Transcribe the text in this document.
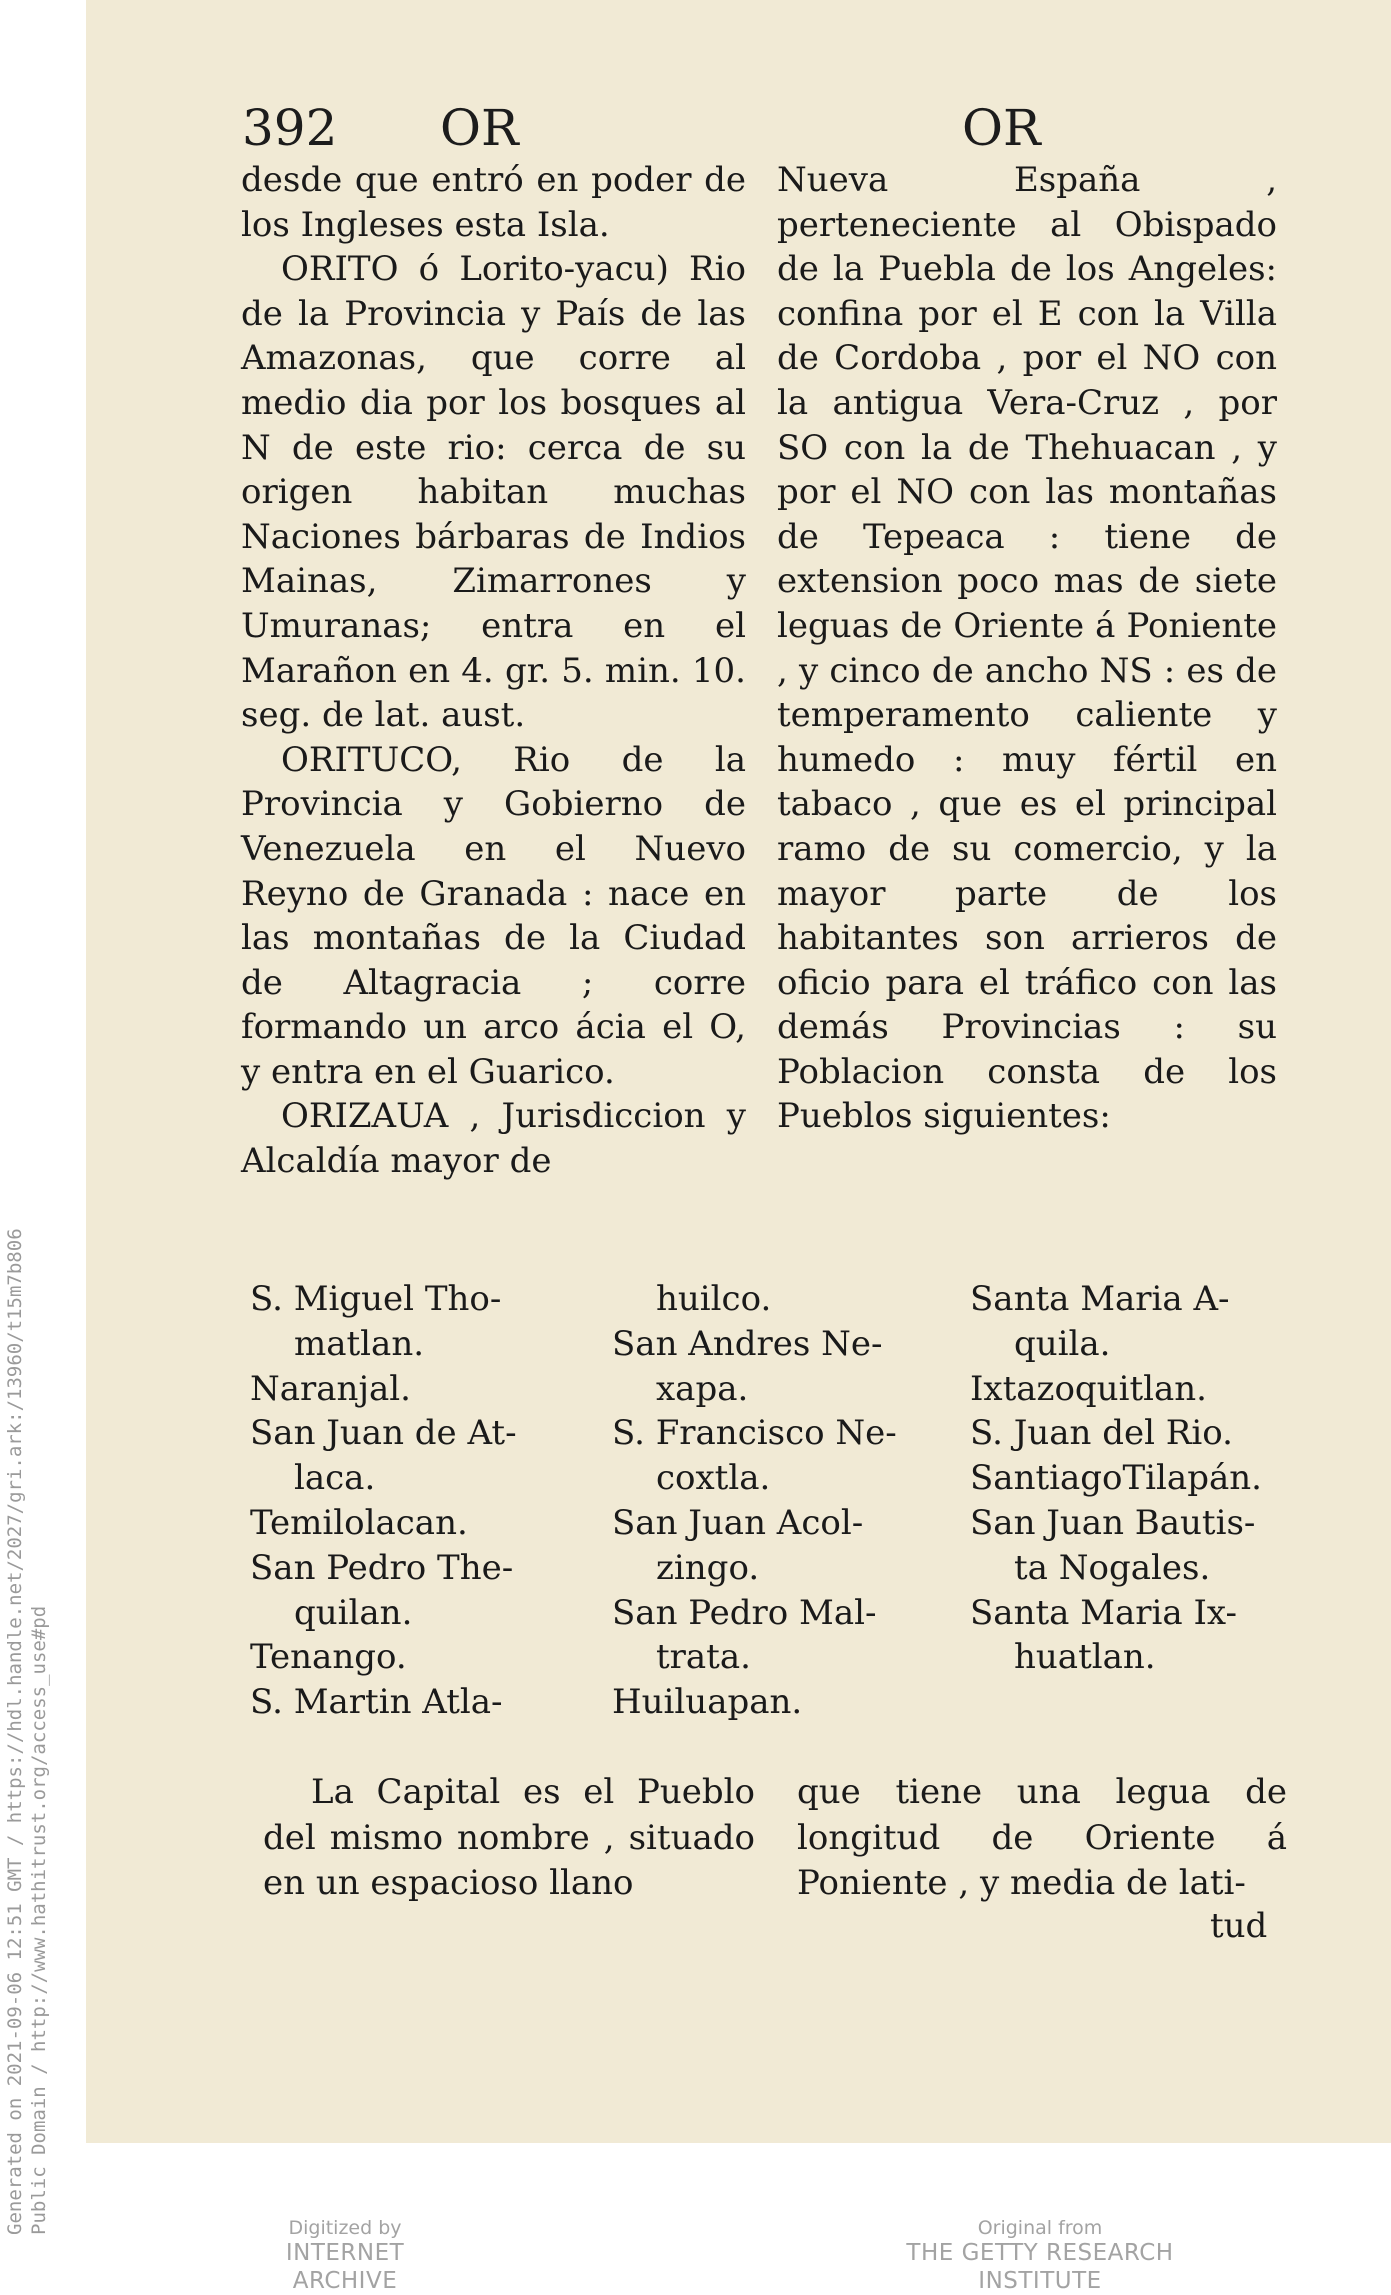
Generated on 2021-09-06 12:51 GMT / https://hdl.handle.net/2027/gri.ark:/13960/t15m7b806 Public Domain / http://www.hathitrust.org/access_use#pd
392 OR	OR

desde que entró en poder de los Ingleses esta Isla.

ORITO ó Lorito-yacu) Rio de la Provincia y País de las Amazonas, que corre al medio dia por los bosques al N de este rio: cerca de su origen habitan muchas Naciones bárbaras de Indios Mainas, Zimarrones y Umuranas; entra en el Marañon en 4. gr. 5. min. 10. seg. de lat. aust.

ORITUCO, Rio de la Provincia y Gobierno de Venezuela en el Nuevo Reyno de Granada : nace en las montañas de la Ciudad de Altagracia ; corre formando un arco ácia el O, y entra en el Guarico.

ORIZAUA , Jurisdiccion y Alcaldía mayor de

Nueva España , perteneciente al Obispado de la Puebla de los Angeles: confina por el E con la Villa de Cordoba , por el NO con la antigua Vera-Cruz , por SO con la de Thehuacan , y por el NO con las montañas de Tepeaca : tiene de extension poco mas de siete leguas de Oriente á Poniente , y cinco de ancho NS : es de temperamento caliente y humedo : muy fértil en tabaco , que es el principal ramo de su comercio, y la mayor parte de los habitantes son arrieros de oficio para el tráfico con las demás Provincias : su Poblacion consta de los Pueblos siguientes:

S. Miguel Tho-
matlan.
Naranjal.
San Juan de At-
laca.
Temilolacan.
San Pedro The-
quilan.
Tenango.
S. Martin Atla-
huilco.
San Andres Ne-
xapa.
S. Francisco Ne-
coxtla.
San Juan Acol-
zingo.
San Pedro Mal-
trata.
Huiluapan.
Santa Maria A-
quila.
Ixtazoquitlan.
S. Juan del Rio.
SantiagoTilapán.
San Juan Bautis-
ta Nogales.
Santa Maria Ix-
huatlan.

La Capital es el Pueblo del mismo nombre , situado en un espacioso llano

que tiene una legua de longitud de Oriente á Poniente , y media de lati-

tud
Digitized by
INTERNET ARCHIVE
Original from
THE GETTY RESEARCH INSTITUTE
